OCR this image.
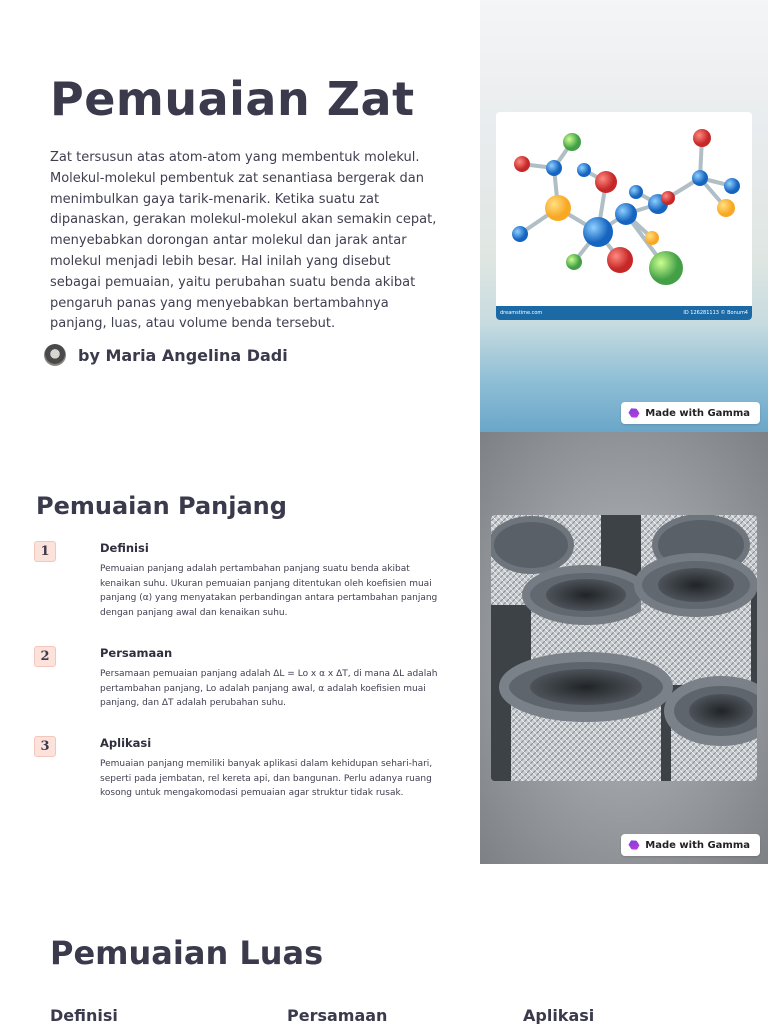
Pemuaian Zat

Zat tersusun atas atom-atom yang membentuk molekul. Molekul-molekul pembentuk zat senantiasa bergerak dan menimbulkan gaya tarik-menarik. Ketika suatu zat dipanaskan, gerakan molekul-molekul akan semakin cepat, menyebabkan dorongan antar molekul dan jarak antar molekul menjadi lebih besar. Hal inilah yang disebut sebagai pemuaian, yaitu perubahan suatu benda akibat pengaruh panas yang menyebabkan bertambahnya panjang, luas, atau volume benda tersebut.

by Maria Angelina Dadi
dreamstime.com	ID 126281113 © Bonum4
Made with Gamma
Pemuaian Panjang
1	Definisi
Pemuaian panjang adalah pertambahan panjang suatu benda akibat kenaikan suhu. Ukuran pemuaian panjang ditentukan oleh koefisien muai panjang (α) yang menyatakan perbandingan antara pertambahan panjang dengan panjang awal dan kenaikan suhu.
2	Persamaan
Persamaan pemuaian panjang adalah ΔL = Lo x α x ΔT, di mana ΔL adalah pertambahan panjang, Lo adalah panjang awal, α adalah koefisien muai panjang, dan ΔT adalah perubahan suhu.
3	Aplikasi
Pemuaian panjang memiliki banyak aplikasi dalam kehidupan sehari-hari, seperti pada jembatan, rel kereta api, dan bangunan. Perlu adanya ruang kosong untuk mengakomodasi pemuaian agar struktur tidak rusak.
Made with Gamma
Pemuaian Luas
Definisi	Persamaan	Aplikasi
